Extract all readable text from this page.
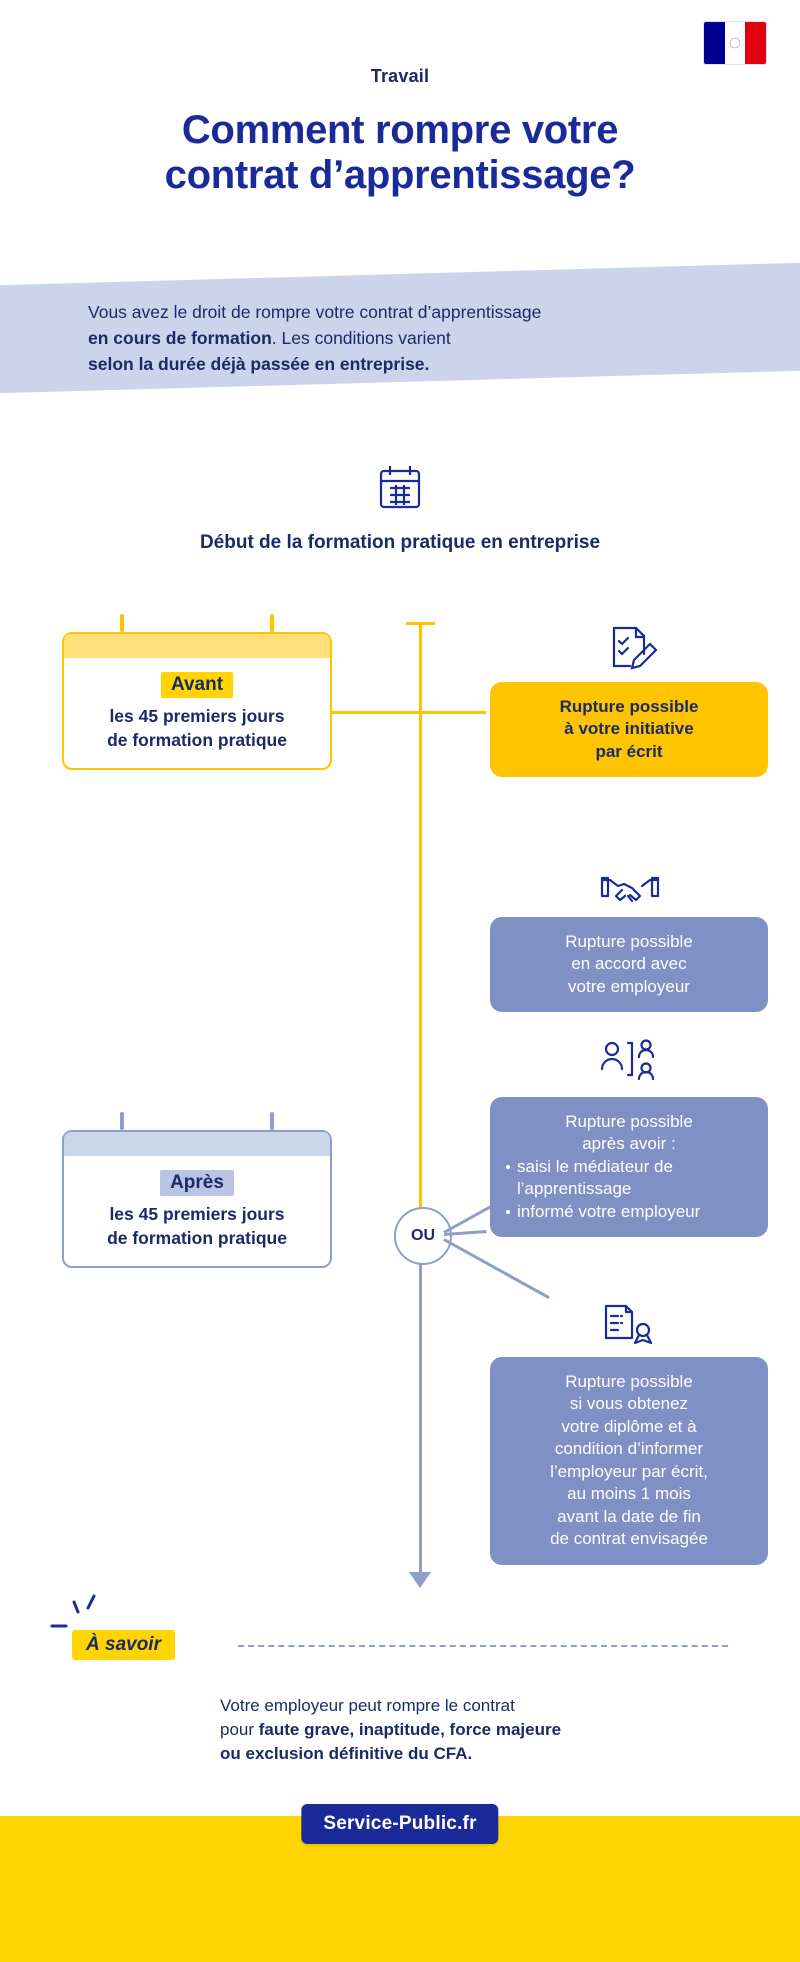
Travail
Comment rompre votre
contrat d’apprentissage?
Vous avez le droit de rompre votre contrat d’apprentissage
en cours de formation. Les conditions varient
selon la durée déjà passée en entreprise.
Début de la formation pratique en entreprise
OU
Avant
les 45 premiers jours
de formation pratique
Après
les 45 premiers jours
de formation pratique
Rupture possible
à votre initiative
par écrit
Rupture possible
en accord avec
votre employeur
Rupture possible
après avoir :
saisi le médiateur de l’apprentissage
informé votre employeur
Rupture possible
si vous obtenez
votre diplôme et à
condition d’informer
l’employeur par écrit,
au moins 1 mois
avant la date de fin
de contrat envisagée
À savoir
Votre employeur peut rompre le contrat
pour faute grave, inaptitude, force majeure
ou exclusion définitive du CFA.
Service-Public.fr
